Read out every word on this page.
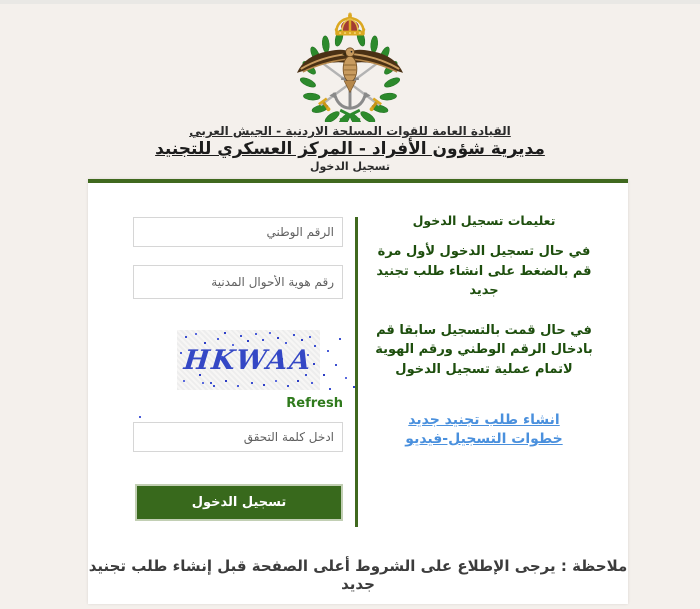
القيادة العامة للقوات المسلحة الاردنية - الجيش العربي
مديرية شؤون الأفراد - المركز العسكري للتجنيد
تسجيل الدخول
الرقم الوطني
رقم هوية الأحوال المدنية
HKWAA
Refresh
ادخل كلمة التحقق
تسجيل الدخول
تعليمات تسجيل الدخول

في حال تسجيل الدخول لأول مرة قم بالضغط على انشاء طلب تجنيد جديد

في حال قمت بالتسجيل سابقا قم بادخال الرقم الوطني ورقم الهوية لاتمام عملية تسجيل الدخول

انشاء طلب تجنيد جديد
خطوات التسجيل-فيديو
ملاحظة : يرجى الإطلاع على الشروط أعلى الصفحة قبل إنشاء طلب تجنيد جديد
